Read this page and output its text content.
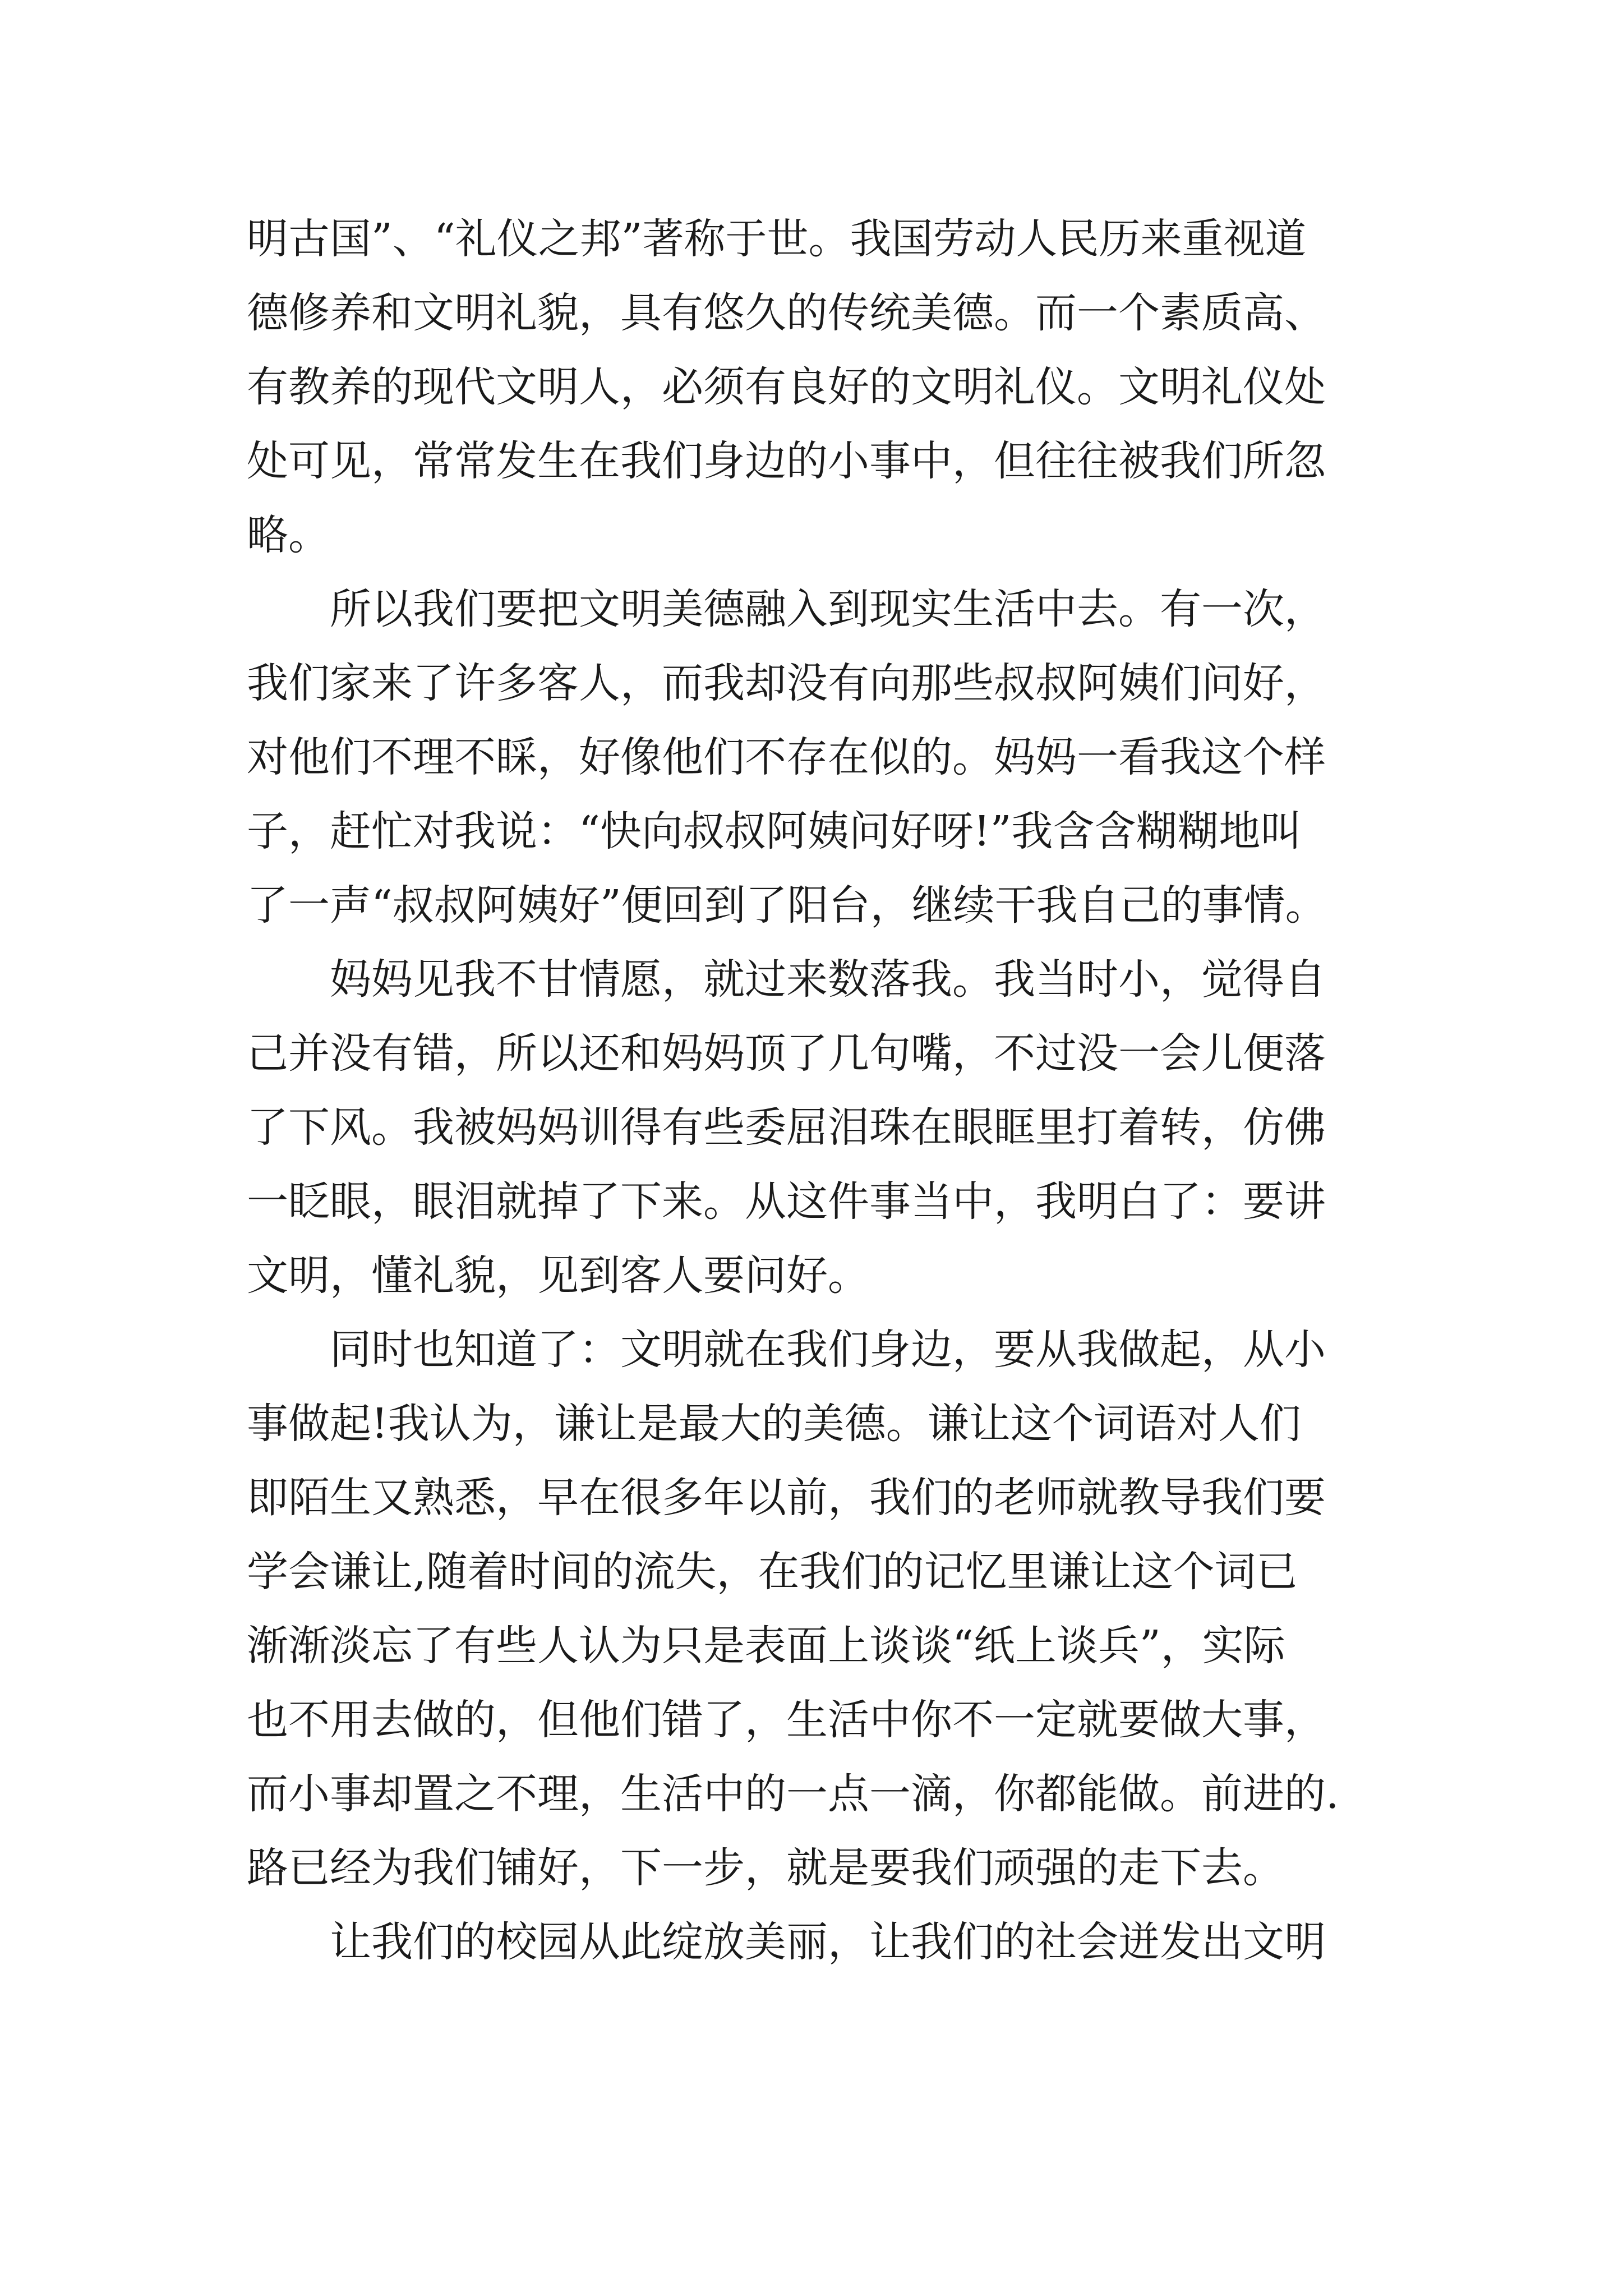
明古国”、“礼仪之邦”著称于世。我国劳动人民历来重视道
德修养和文明礼貌，具有悠久的传统美德。而一个素质高、
有教养的现代文明人，必须有良好的文明礼仪。文明礼仪处
处可见，常常发生在我们身边的小事中，但往往被我们所忽
略。
所以我们要把文明美德融入到现实生活中去。有一次，
我们家来了许多客人，而我却没有向那些叔叔阿姨们问好，
对他们不理不睬，好像他们不存在似的。妈妈一看我这个样
子，赶忙对我说：“快向叔叔阿姨问好呀!”我含含糊糊地叫
了一声“叔叔阿姨好”便回到了阳台，继续干我自己的事情。
妈妈见我不甘情愿，就过来数落我。我当时小，觉得自
己并没有错，所以还和妈妈顶了几句嘴，不过没一会儿便落
了下风。我被妈妈训得有些委屈泪珠在眼眶里打着转，仿佛
一眨眼，眼泪就掉了下来。从这件事当中，我明白了：要讲
文明，懂礼貌，见到客人要问好。
同时也知道了：文明就在我们身边，要从我做起，从小
事做起!我认为，谦让是最大的美德。谦让这个词语对人们
即陌生又熟悉，早在很多年以前，我们的老师就教导我们要
学会谦让,随着时间的流失，在我们的记忆里谦让这个词已
渐渐淡忘了有些人认为只是表面上谈谈“纸上谈兵”，实际
也不用去做的，但他们错了，生活中你不一定就要做大事，
而小事却置之不理，生活中的一点一滴，你都能做。前进的.
路已经为我们铺好，下一步，就是要我们顽强的走下去。
让我们的校园从此绽放美丽，让我们的社会迸发出文明
